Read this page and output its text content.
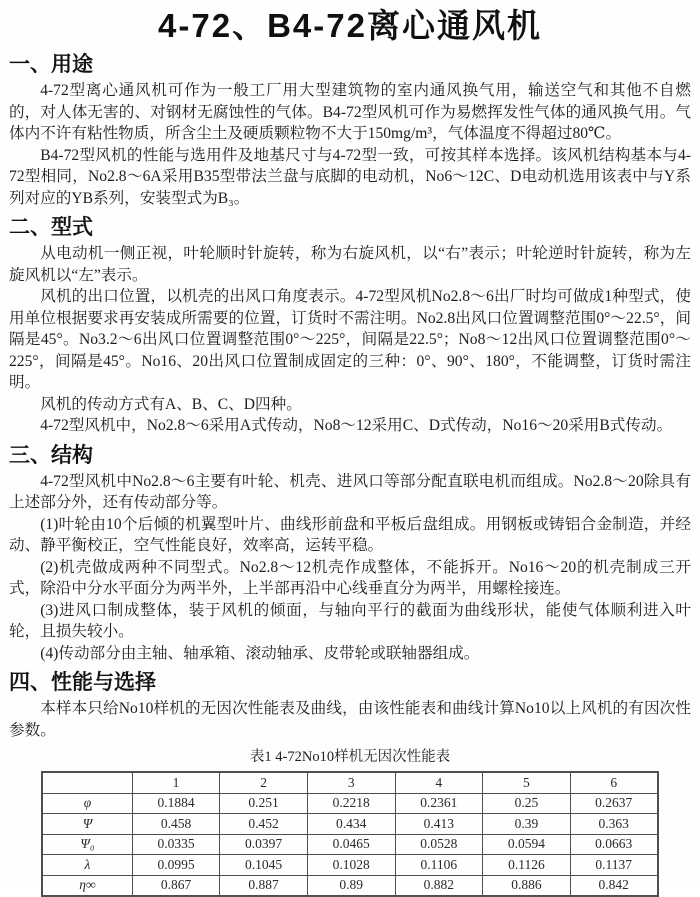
4-72、B4-72离心通风机
一、用途

4-72型离心通风机可作为一般工厂用大型建筑物的室内通风换气用，输送空气和其他不自燃的，对人体无害的、对钢材无腐蚀性的气体。B4-72型风机可作为易燃挥发性气体的通风换气用。气体内不许有粘性物质，所含尘土及硬质颗粒物不大于150mg/m³，气体温度不得超过80℃。

B4-72型风机的性能与选用件及地基尺寸与4-72型一致，可按其样本选择。该风机结构基本与4-72型相同，No2.8～6A采用B35型带法兰盘与底脚的电动机，No6～12C、D电动机选用该表中与Y系列对应的YB系列，安装型式为B₃。

二、型式

从电动机一侧正视，叶轮顺时针旋转，称为右旋风机，以“右”表示；叶轮逆时针旋转，称为左旋风机以“左”表示。

风机的出口位置，以机壳的出风口角度表示。4-72型风机No2.8～6出厂时均可做成1种型式，使用单位根据要求再安装成所需要的位置，订货时不需注明。No2.8出风口位置调整范围0°～22.5°，间隔是45°。No3.2～6出风口位置调整范围0°～225°，间隔是22.5°；No8～12出风口位置调整范围0°～225°，间隔是45°。No16、20出风口位置制成固定的三种：0°、90°、180°，不能调整，订货时需注明。

风机的传动方式有A、B、C、D四种。

4-72型风机中，No2.8～6采用A式传动，No8～12采用C、D式传动，No16～20采用B式传动。

三、结构

4-72型风机中No2.8～6主要有叶轮、机壳、进风口等部分配直联电机而组成。No2.8～20除具有上述部分外，还有传动部分等。

(1)叶轮由10个后倾的机翼型叶片、曲线形前盘和平板后盘组成。用钢板或铸铝合金制造，并经动、静平衡校正，空气性能良好，效率高，运转平稳。

(2)机壳做成两种不同型式。No2.8～12机壳作成整体，不能拆开。No16～20的机壳制成三开式，除沿中分水平面分为两半外，上半部再沿中心线垂直分为两半，用螺栓接连。

(3)进风口制成整体，装于风机的倾面，与轴向平行的截面为曲线形状，能使气体顺利进入叶轮，且损失较小。

(4)传动部分由主轴、轴承箱、滚动轴承、皮带轮或联轴器组成。

四、性能与选择

本样本只给No10样机的无因次性能表及曲线，由该性能表和曲线计算No10以上风机的有因次性参数。

表1 4-72No10样机无因次性能表
	1	2	3	4	5	6
φ	0.1884	0.251	0.2218	0.2361	0.25	0.2637
Ψ	0.458	0.452	0.434	0.413	0.39	0.363
Ψ₀	0.0335	0.0397	0.0465	0.0528	0.0594	0.0663
λ	0.0995	0.1045	0.1028	0.1106	0.1126	0.1137
η∞	0.867	0.887	0.89	0.882	0.886	0.842
